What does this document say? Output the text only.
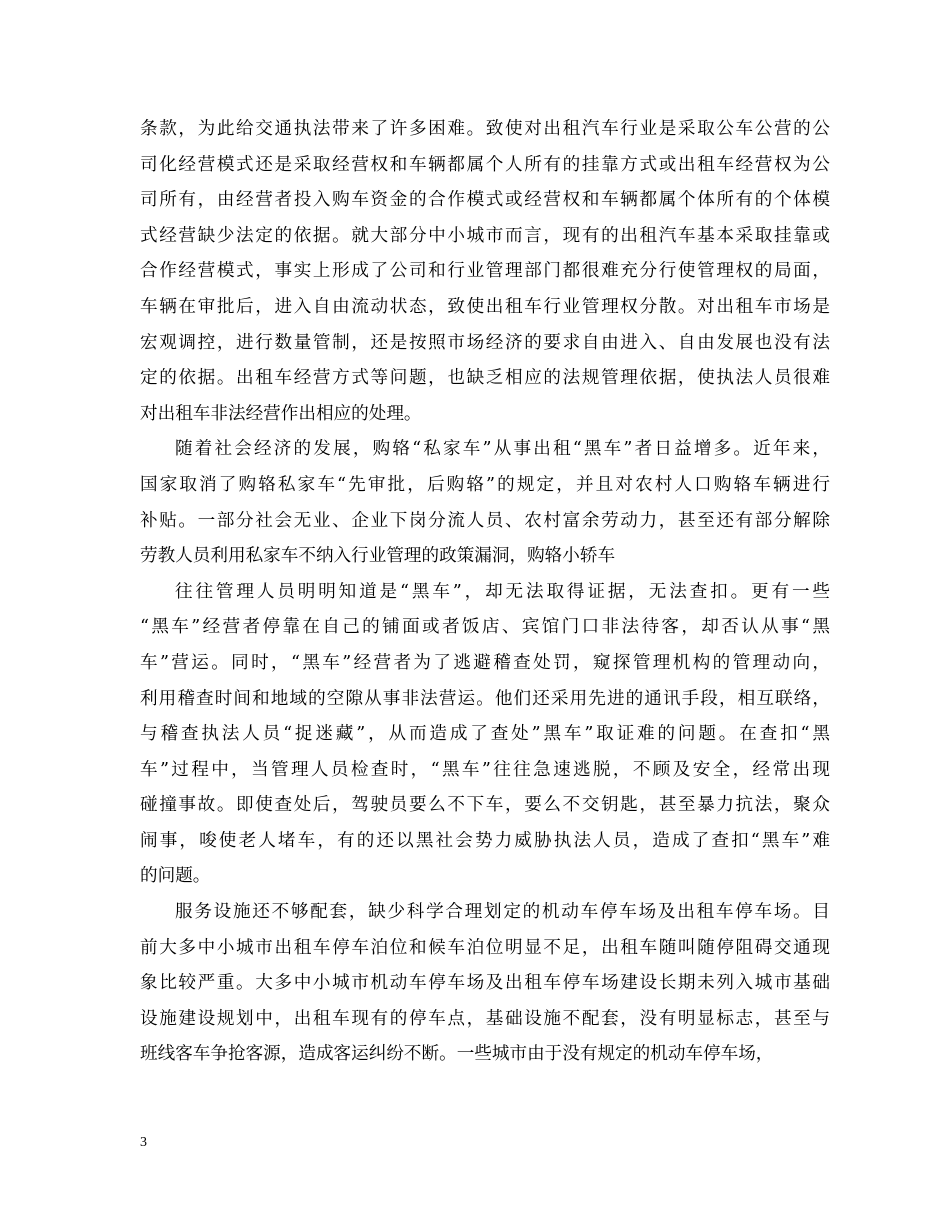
条款，为此给交通执法带来了许多困难。致使对出租汽车行业是采取公车公营的公
司化经营模式还是采取经营权和车辆都属个人所有的挂靠方式或出租车经营权为公
司所有，由经营者投入购车资金的合作模式或经营权和车辆都属个体所有的个体模
式经营缺少法定的依据。就大部分中小城市而言，现有的出租汽车基本采取挂靠或
合作经营模式，事实上形成了公司和行业管理部门都很难充分行使管理权的局面，
车辆在审批后，进入自由流动状态，致使出租车行业管理权分散。对出租车市场是
宏观调控，进行数量管制，还是按照市场经济的要求自由进入、自由发展也没有法
定的依据。出租车经营方式等问题，也缺乏相应的法规管理依据，使执法人员很难
对出租车非法经营作出相应的处理。
随着社会经济的发展，购辂“私家车”从事出租“黑车”者日益增多。近年来，
国家取消了购辂私家车“先审批，后购辂”的规定，并且对农村人口购辂车辆进行
补贴。一部分社会无业、企业下岗分流人员、农村富余劳动力，甚至还有部分解除
劳教人员利用私家车不纳入行业管理的政策漏洞，购辂小轿车
往往管理人员明明知道是“黑车”，却无法取得证据，无法查扣。更有一些
“黑车”经营者停靠在自己的铺面或者饭店、宾馆门口非法待客，却否认从事“黑
车”营运。同时，“黑车”经营者为了逃避稽查处罚，窥探管理机构的管理动向，
利用稽查时间和地域的空隙从事非法营运。他们还采用先进的通讯手段，相互联络，
与稽查执法人员“捉迷藏”，从而造成了查处”黑车”取证难的问题。在查扣“黑
车”过程中，当管理人员检查时，“黑车”往往急速逃脱，不顾及安全，经常出现
碰撞事故。即使查处后，驾驶员要么不下车，要么不交钥匙，甚至暴力抗法，聚众
闹事，唆使老人堵车，有的还以黑社会势力威胁执法人员，造成了查扣“黑车”难
的问题。
服务设施还不够配套，缺少科学合理划定的机动车停车场及出租车停车场。目
前大多中小城市出租车停车泊位和候车泊位明显不足，出租车随叫随停阻碍交通现
象比较严重。大多中小城市机动车停车场及出租车停车场建设长期未列入城市基础
设施建设规划中，出租车现有的停车点，基础设施不配套，没有明显标志，甚至与
班线客车争抢客源，造成客运纠纷不断。一些城市由于没有规定的机动车停车场，
3
